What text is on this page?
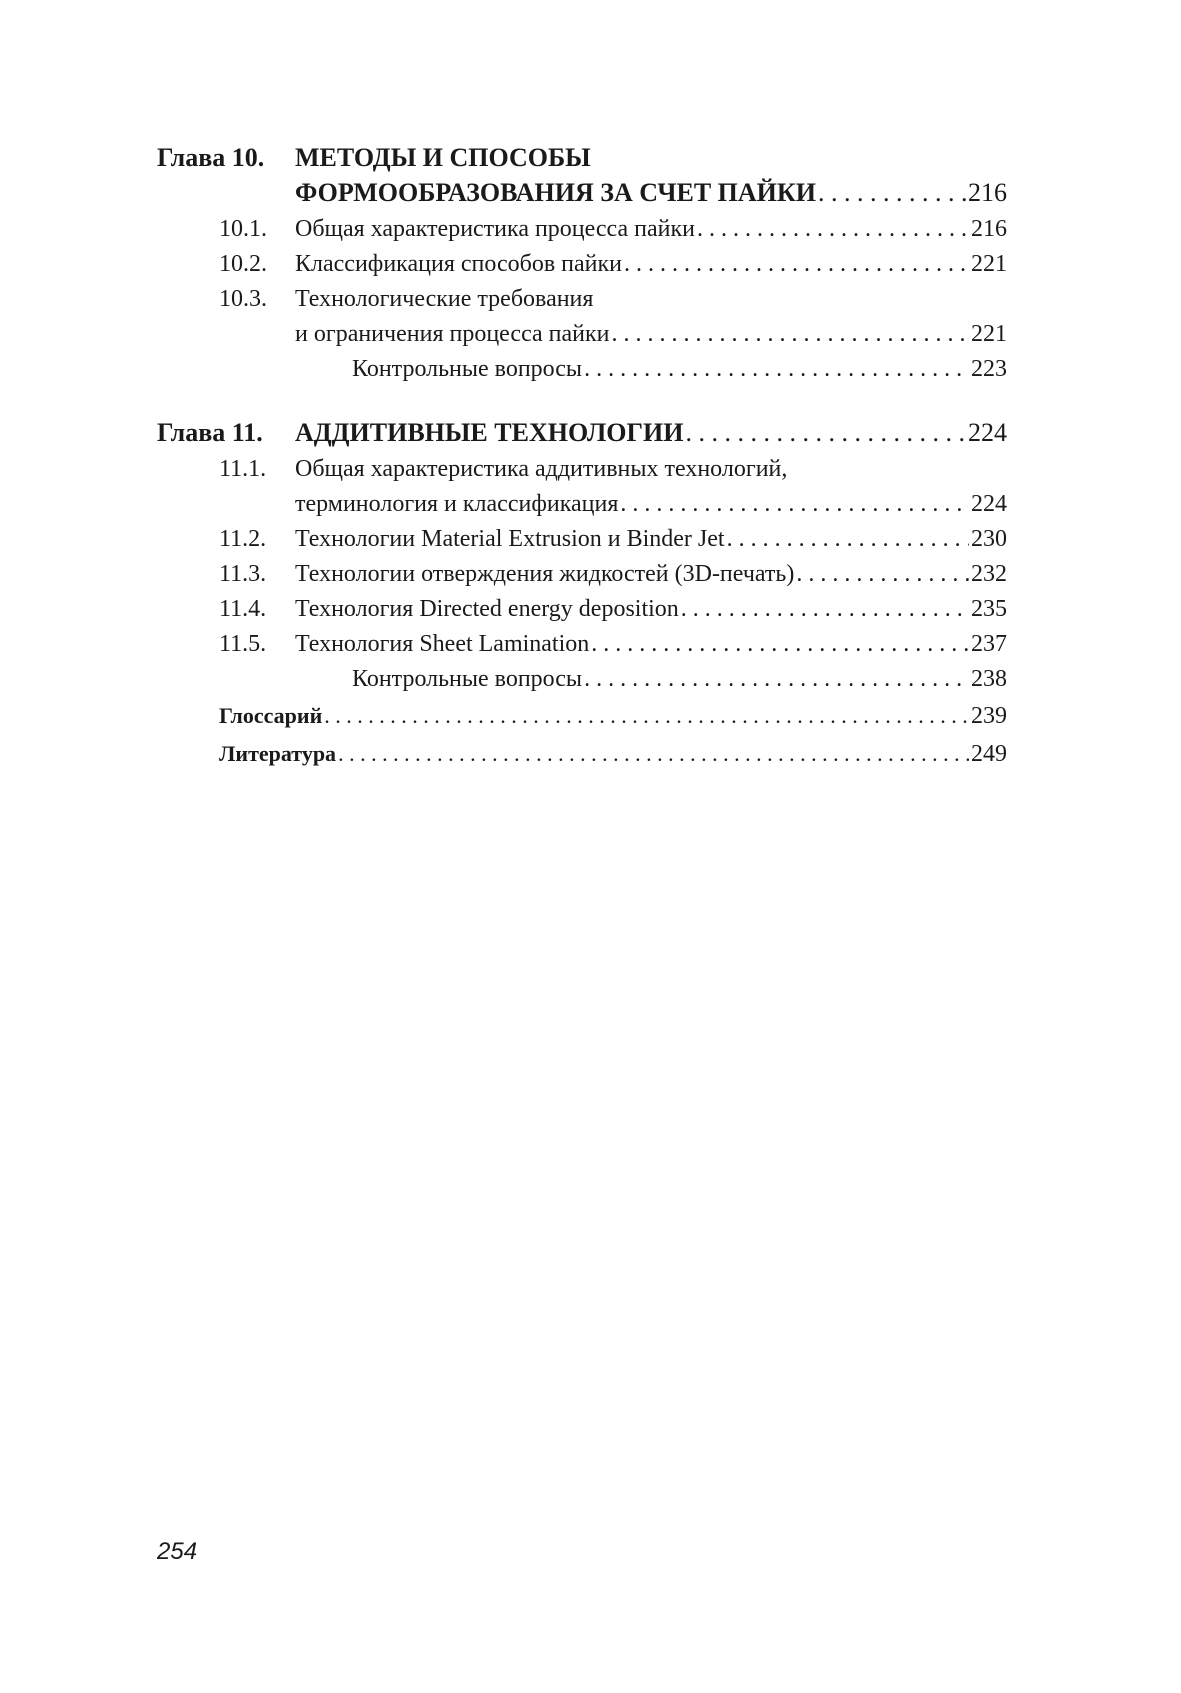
Глава 10.	МЕТОДЫ И СПОСОБЫ
ФОРМООБРАЗОВАНИЯ ЗА СЧЕТ ПАЙКИ . . .	216
10.1.	Общая характеристика процесса пайки . . .	216
10.2.	Классификация способов пайки . . .	221
10.3.	Технологические требования
и ограничения процесса пайки . . .	221
Контрольные вопросы . . .	223
Глава 11.	АДДИТИВНЫЕ ТЕХНОЛОГИИ . . .	224
11.1.	Общая характеристика аддитивных технологий,
терминология и классификация . . .	224
11.2.	Технологии Material Extrusion и Binder Jet . . .	230
11.3.	Технологии отверждения жидкостей (3D-печать) . . .	232
11.4.	Технология Directed energy deposition . . .	235
11.5.	Технология Sheet Lamination . . .	237
Контрольные вопросы . . .	238
Глоссарий . . .	239
Литература . . .	249
254
